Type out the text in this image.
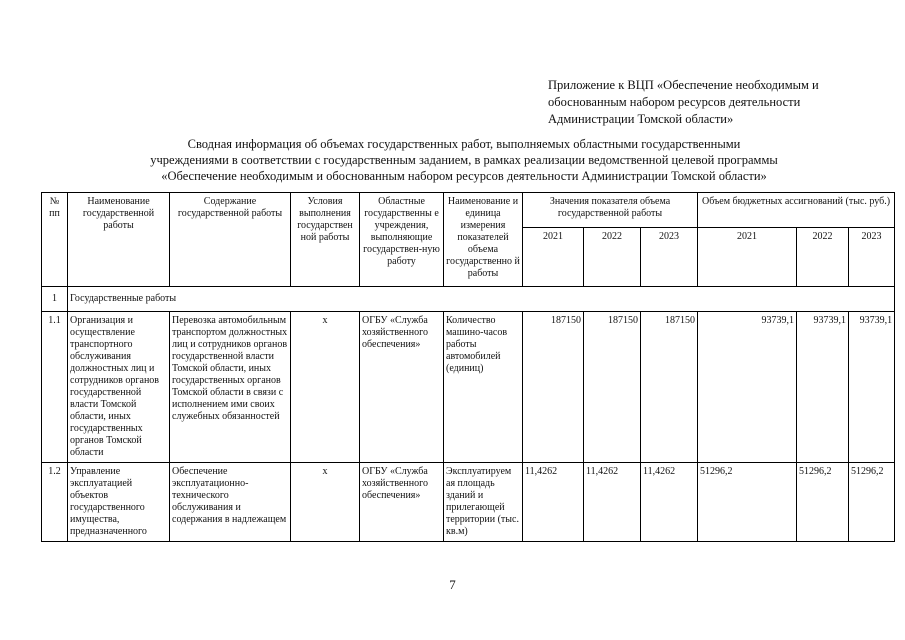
Приложение к ВЦП «Обеспечение необходимым и
обоснованным набором ресурсов деятельности
Администрации Томской области»
Сводная информация об объемах государственных работ, выполняемых областными государственными
учреждениями в соответствии с государственным заданием, в рамках реализации ведомственной целевой программы
«Обеспечение необходимым и обоснованным набором ресурсов деятельности Администрации Томской области»
№ пп	Наименование государственной работы	Содержание государственной работы	Условия выполнения государствен ной работы	Областные государственны е учреждения, выполняющие государствен-ную работу	Наименование и единица измерения показателей объема государственно й работы	Значения показателя объема государственной работы			Объем бюджетных ассигнований (тыс. руб.)		
						2021	2022	2023	2021	2022	2023
1	Государственные работы										
1.1	Организация и осуществление транспортного обслуживания должностных лиц и сотрудников органов государственной власти Томской области, иных государственных органов Томской области	Перевозка автомобильным транспортом должностных лиц и сотрудников органов государственной власти Томской области, иных государственных органов Томской области в связи с исполнением ими своих служебных обязанностей	х	ОГБУ «Служба хозяйственного обеспечения»	Количество машино-часов работы автомобилей (единиц)	187150	187150	187150	93739,1	93739,1	93739,1
1.2	Управление эксплуатацией объектов государственного имущества, предназначенного	Обеспечение эксплуатационно-технического обслуживания и содержания в надлежащем	х	ОГБУ «Служба хозяйственного обеспечения»	Эксплуатируем ая площадь зданий и прилегающей территории (тыс. кв.м)	11,4262	11,4262	11,4262	51296,2	51296,2	51296,2
7
